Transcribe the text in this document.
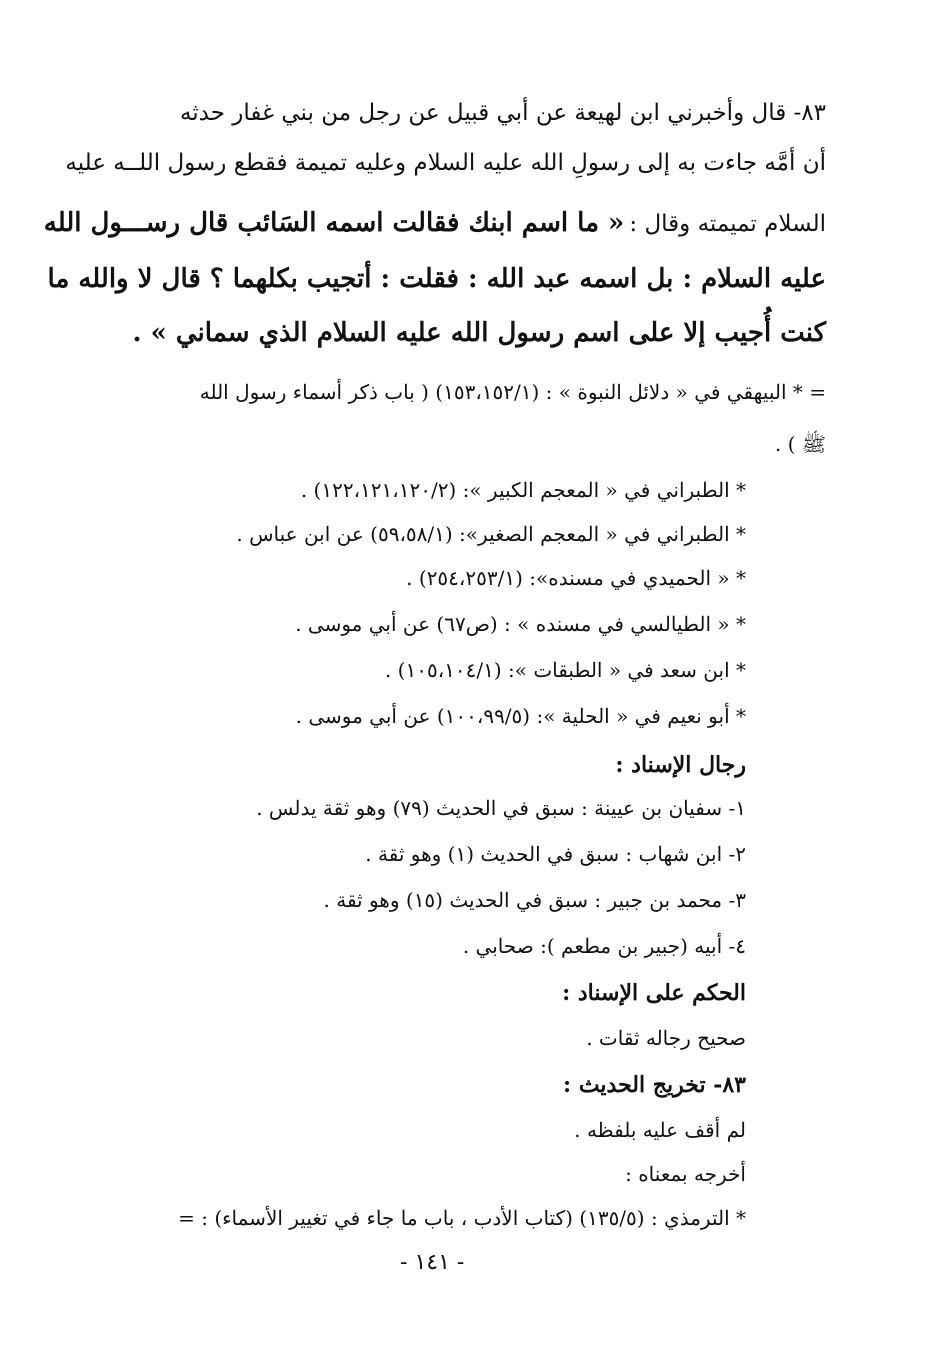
٨٣- قال وأخبرني ابن لهيعة عن أبي قبيل عن رجل من بني غفار حدثه
أن أمَّه جاءت به إلى رسولِ الله عليه السلام وعليه تميمة فقطع رسول اللــه عليه
السلام تميمته وقال : « ما اسم ابنك فقالت اسمه السَائب قال رســـول الله
عليه السلام : بل اسمه عبد الله : فقلت : أتجيب بكلهما ؟ قال لا والله ما
كنت أُجيب إلا على اسم رسول الله عليه السلام الذي سماني » .
= * البيهقي في « دلائل النبوة » : (١٥٣،١٥٢/١) ( باب ذكر أسماء رسول الله
ﷺ ) .
* الطبراني في « المعجم الكبير »: (١٢٢،١٢١،١٢٠/٢) .
* الطبراني في « المعجم الصغير»: (٥٩،٥٨/١) عن ابن عباس .
* « الحميدي في مسنده»: (٢٥٤،٢٥٣/١) .
* « الطيالسي في مسنده » : (ص٦٧) عن أبي موسى .
* ابن سعد في « الطبقات »: (١٠٥،١٠٤/١) .
* أبو نعيم في « الحلية »: (١٠٠،٩٩/٥) عن أبي موسى .
رجال الإسناد :
١- سفيان بن عيينة : سبق في الحديث (٧٩) وهو ثقة يدلس .
٢- ابن شهاب : سبق في الحديث (١) وهو ثقة .
٣- محمد بن جبير : سبق في الحديث (١٥) وهو ثقة .
٤- أبيه (جبير بن مطعم ): صحابي .
الحكم على الإسناد :
صحيح رجاله ثقات .
٨٣- تخريج الحديث :
لم أقف عليه بلفظه .
أخرجه بمعناه :
* الترمذي : (١٣٥/٥) (كتاب الأدب ، باب ما جاء في تغيير الأسماء) : =
- ١٤١ -
